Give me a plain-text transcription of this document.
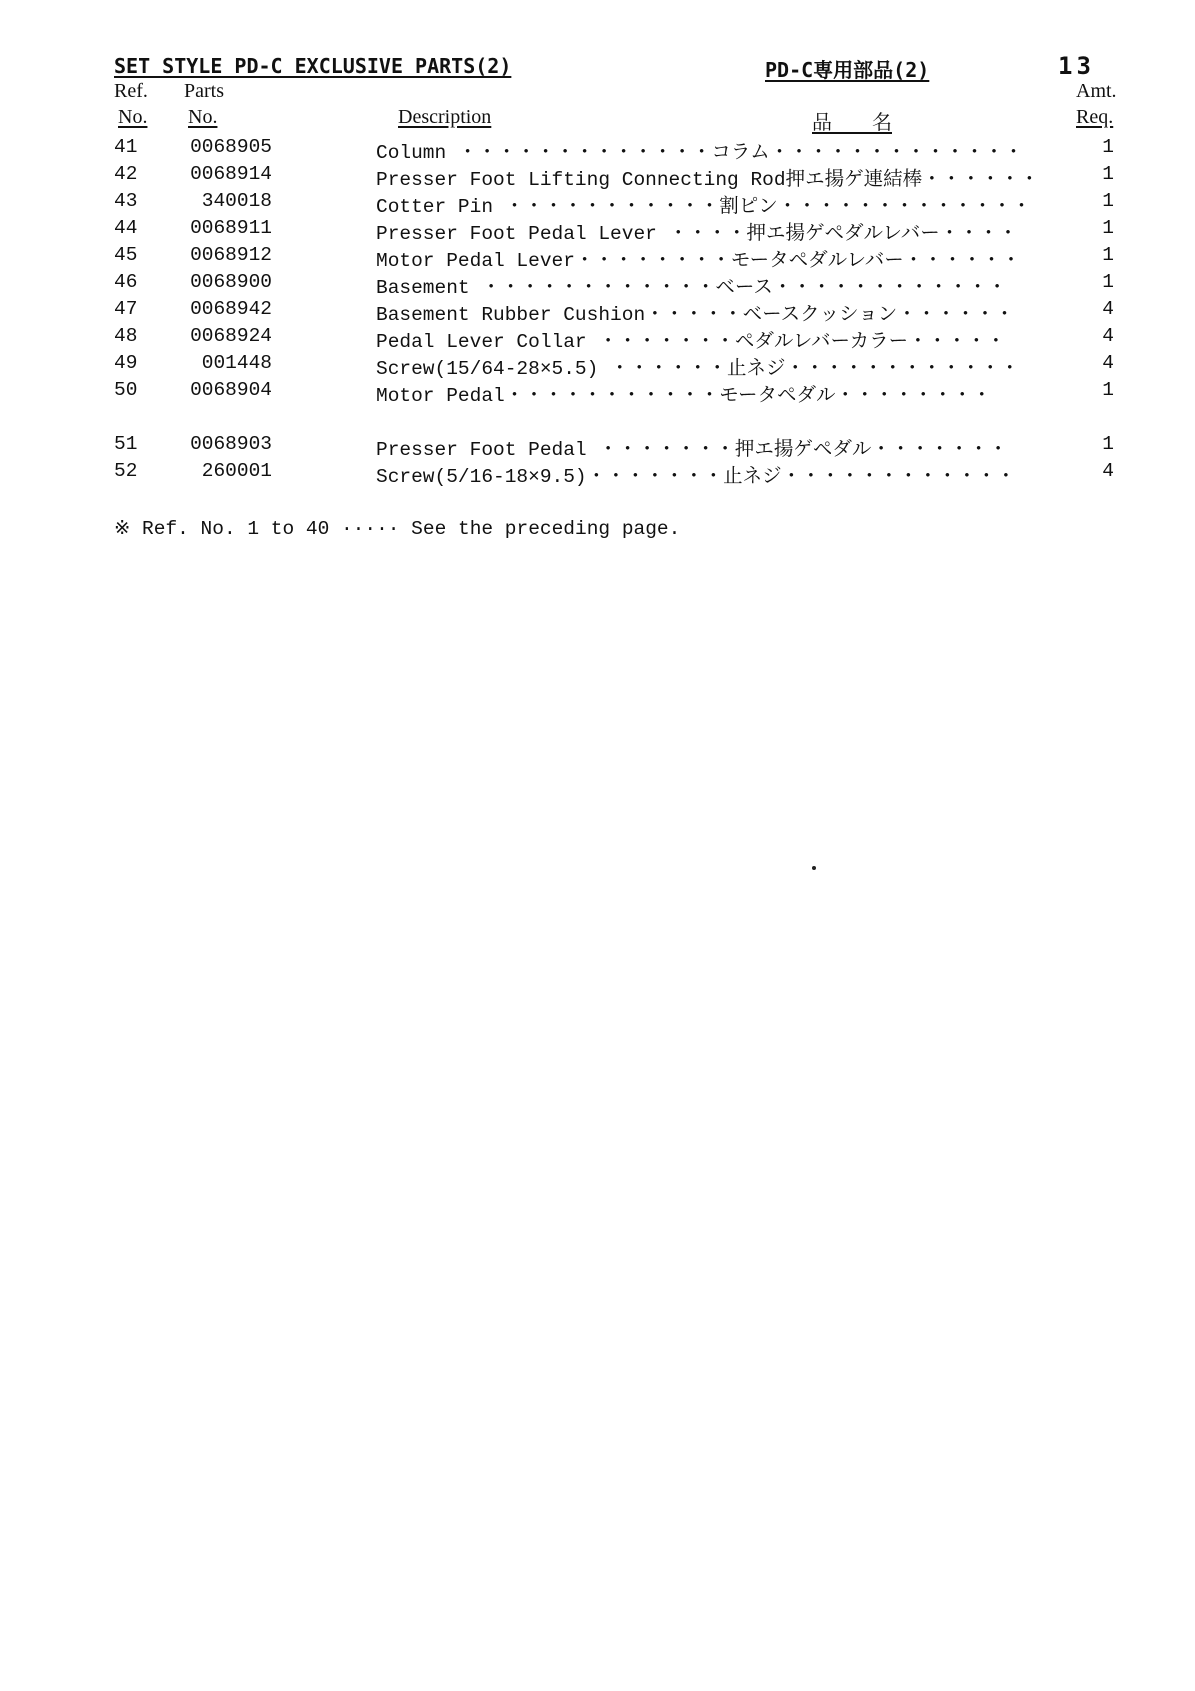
SET STYLE PD-C EXCLUSIVE PARTS(2)	PD-C専用部品(2)	13
Ref.
No.
Parts
No.	Description	品　　名
Amt.
Req.
41	0068905	Column ・・・・・・・・・・・・・コラム・・・・・・・・・・・・・	1
42	0068914	Presser Foot Lifting Connecting Rod押エ揚ゲ連結棒・・・・・・	1
43	340018	Cotter Pin ・・・・・・・・・・・割ピン・・・・・・・・・・・・・	1
44	0068911	Presser Foot Pedal Lever ・・・・押エ揚ゲペダルレバー・・・・	1
45	0068912	Motor Pedal Lever・・・・・・・・モータペダルレバー・・・・・・	1
46	0068900	Basement ・・・・・・・・・・・・ベース・・・・・・・・・・・・	1
47	0068942	Basement Rubber Cushion・・・・・ベースクッション・・・・・・	4
48	0068924	Pedal Lever Collar ・・・・・・・ペダルレバーカラー・・・・・	4
49	001448	Screw(15/64-28×5.5) ・・・・・・止ネジ・・・・・・・・・・・・	4
50	0068904	Motor Pedal・・・・・・・・・・・モータペダル・・・・・・・・	1
51	0068903	Presser Foot Pedal ・・・・・・・押エ揚ゲペダル・・・・・・・	1
52	260001	Screw(5/16-18×9.5)・・・・・・・止ネジ・・・・・・・・・・・・	4
※ Ref. No. 1 to 40 ····· See the preceding page.
